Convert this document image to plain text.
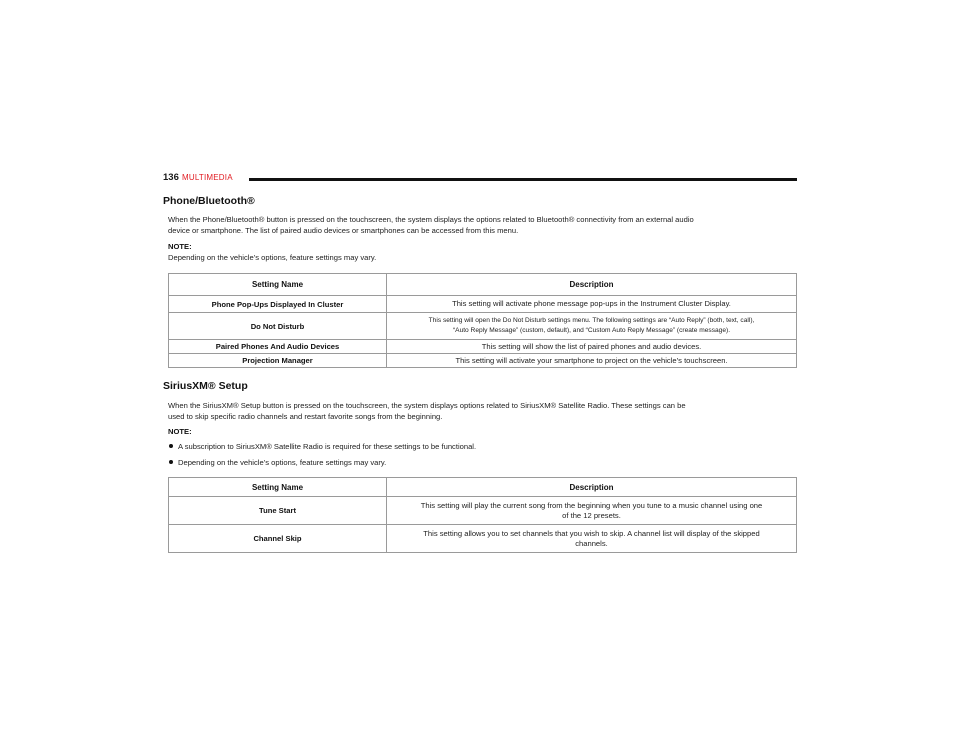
136 MULTIMEDIA
Phone/Bluetooth®

When the Phone/Bluetooth® button is pressed on the touchscreen, the system displays the options related to Bluetooth® connectivity from an external audio

device or smartphone. The list of paired audio devices or smartphones can be accessed from this menu.

NOTE:

Depending on the vehicle’s options, feature settings may vary.

Setting Name	Description
Phone Pop-Ups Displayed In Cluster	This setting will activate phone message pop-ups in the Instrument Cluster Display.
Do Not Disturb	This setting will open the Do Not Disturb settings menu. The following settings are “Auto Reply” (both, text, call),
“Auto Reply Message” (custom, default), and “Custom Auto Reply Message” (create message).

Paired Phones And Audio Devices	This setting will show the list of paired phones and audio devices.
Projection Manager	This setting will activate your smartphone to project on the vehicle’s touchscreen.
SiriusXM® Setup

When the SiriusXM® Setup button is pressed on the touchscreen, the system displays options related to SiriusXM® Satellite Radio. These settings can be

used to skip specific radio channels and restart favorite songs from the beginning.

NOTE:
A subscription to SiriusXM® Satellite Radio is required for these settings to be functional.
Depending on the vehicle’s options, feature settings may vary.
Setting Name	Description
Tune Start	This setting will play the current song from the beginning when you tune to a music channel using one
of the 12 presets.

Channel Skip	This setting allows you to set channels that you wish to skip. A channel list will display of the skipped
channels.
